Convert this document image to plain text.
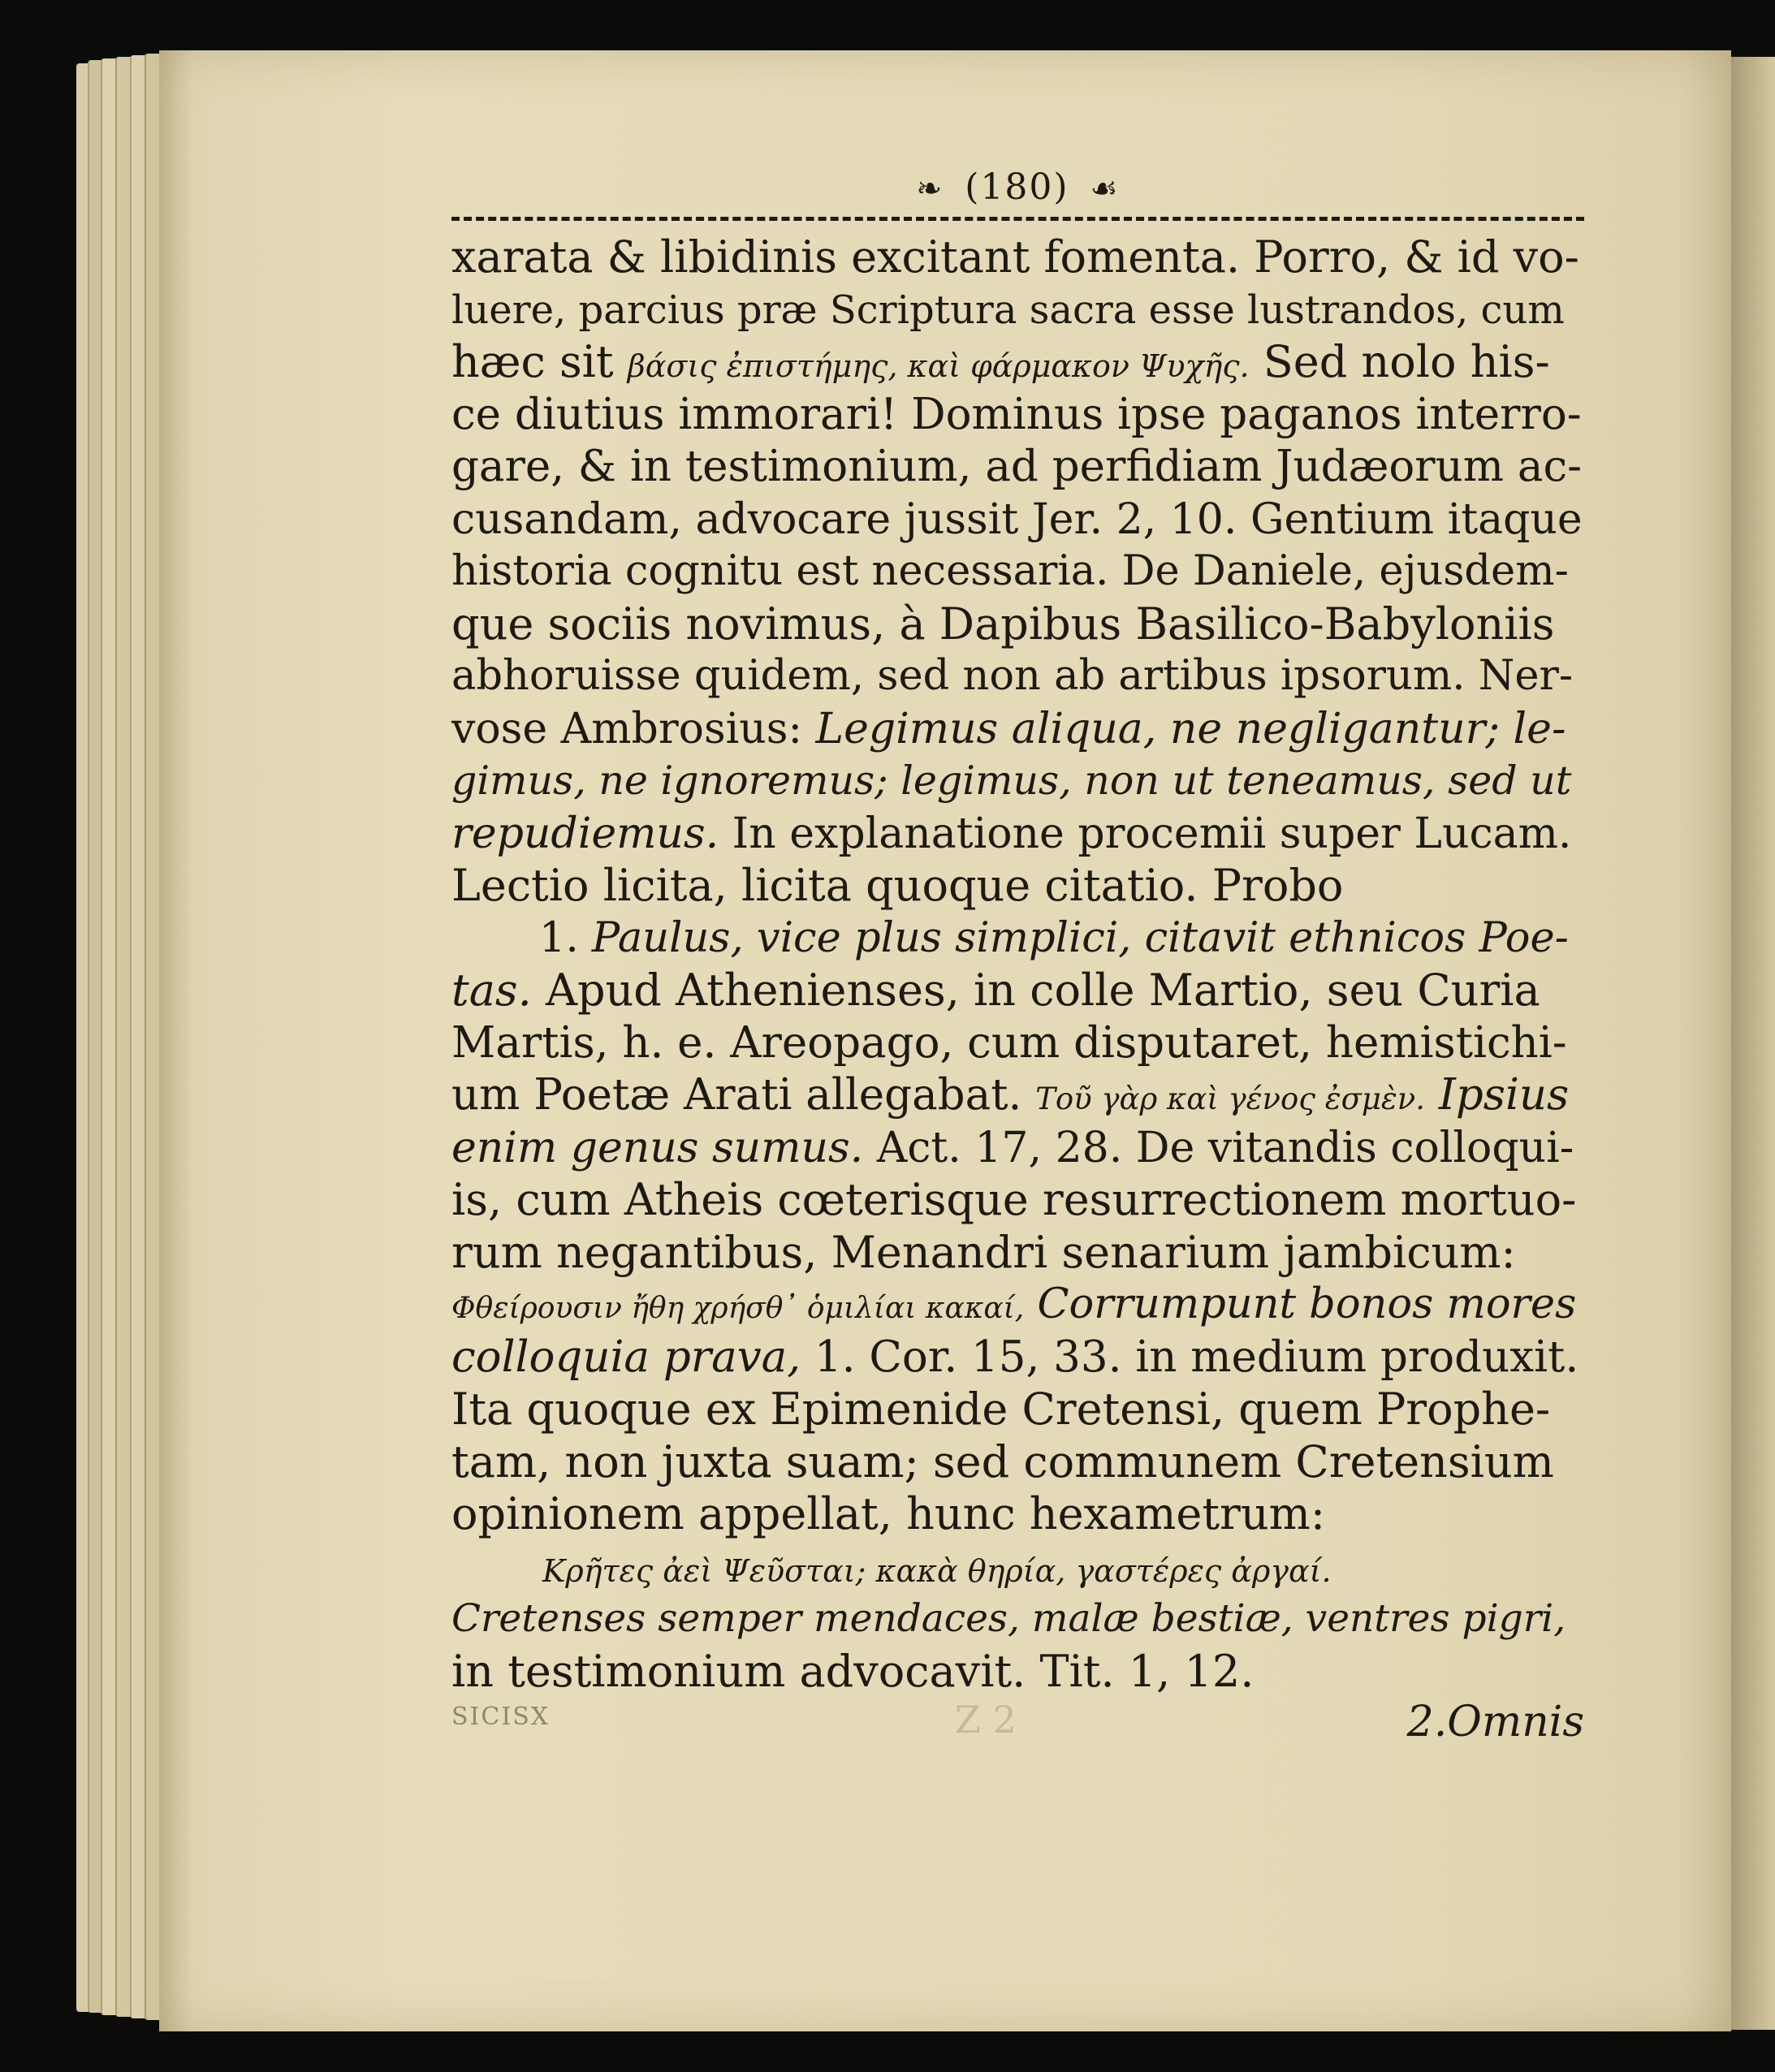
❧ (180) ☙
xarata & libidinis excitant fomenta. Porro, & id vo-
luere, parcius præ Scriptura sacra esse lustrandos, cum
hæc sit βάσις ἐπιστήμης, καὶ φάρμακον Ψυχῆς. Sed nolo his-
ce diutius immorari! Dominus ipse paganos interro-
gare, & in testimonium, ad perfidiam Judæorum ac-
cusandam, advocare jussit Jer. 2, 10. Gentium itaque
historia cognitu est necessaria. De Daniele, ejusdem-
que sociis novimus, à Dapibus Basilico-Babyloniis
abhoruisse quidem, sed non ab artibus ipsorum. Ner-
vose Ambrosius: Legimus aliqua, ne negligantur; le-
gimus, ne ignoremus; legimus, non ut teneamus, sed ut
repudiemus. In explanatione procemii super Lucam.
Lectio licita, licita quoque citatio. Probo
1. Paulus, vice plus simplici, citavit ethnicos Poe-
tas. Apud Athenienses, in colle Martio, seu Curia
Martis, h. e. Areopago, cum disputaret, hemistichi-
um Poetæ Arati allegabat. Τοῦ γὰρ καὶ γένος ἐσμὲν. Ipsius
enim genus sumus. Act. 17, 28. De vitandis colloqui-
is, cum Atheis cœterisque resurrectionem mortuo-
rum negantibus, Menandri senarium jambicum:
Φθείρουσιν ἤθη χρήσθ᾽ ὁμιλίαι κακαί, Corrumpunt bonos mores
colloquia prava, 1. Cor. 15, 33. in medium produxit.
Ita quoque ex Epimenide Cretensi, quem Prophe-
tam, non juxta suam; sed communem Cretensium
opinionem appellat, hunc hexametrum:
Κρῆτες ἀεὶ Ψεῦσται; κακὰ θηρία, γαστέρες ἀργαί.
Cretenses semper mendaces, malæ bestiæ, ventres pigri,
in testimonium advocavit. Tit. 1, 12.
SICISX	Z 2	2.Omnis
